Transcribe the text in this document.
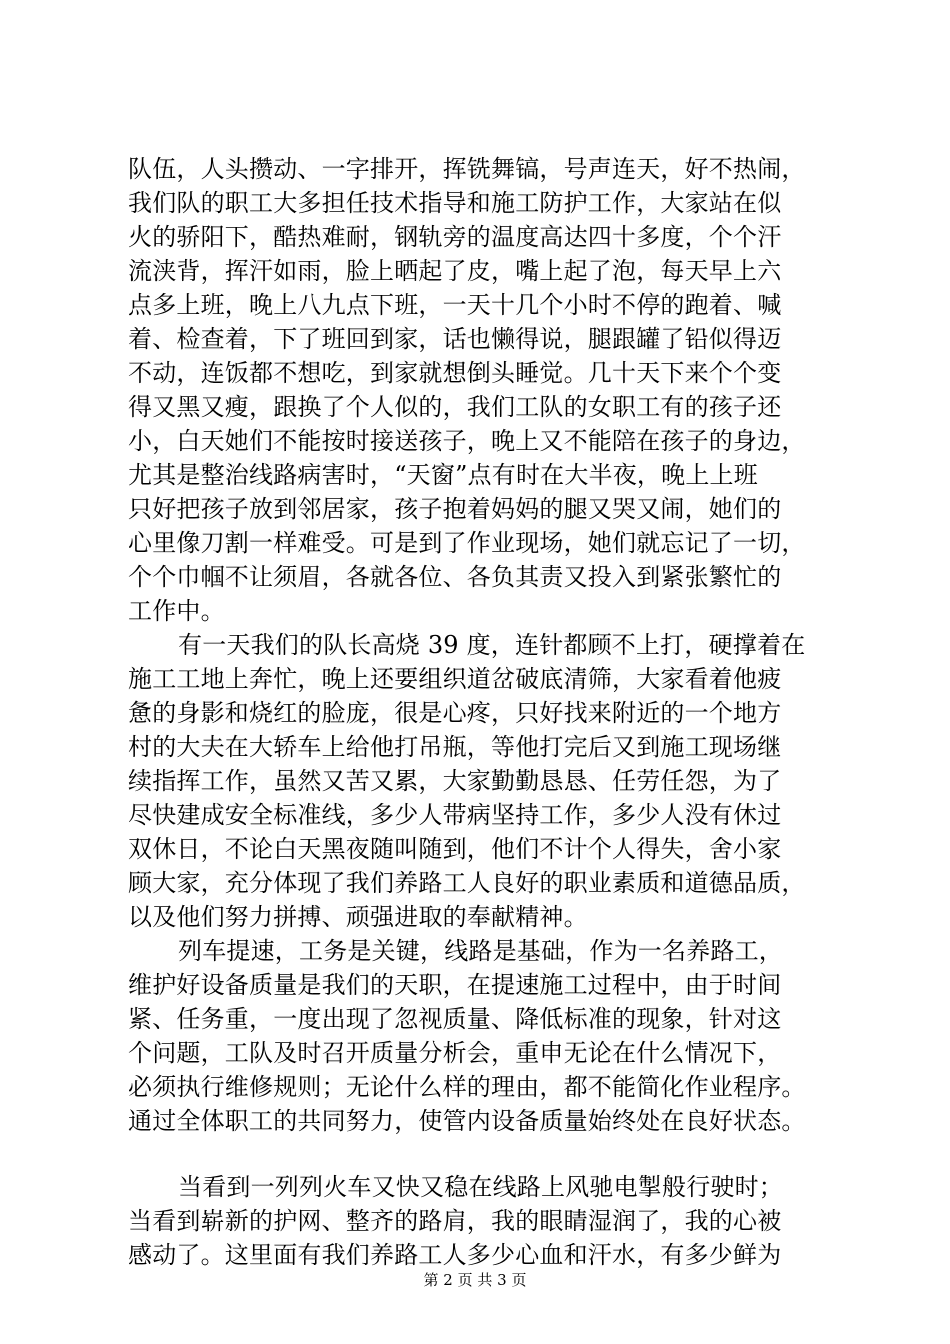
队伍，人头攒动、一字排开，挥铣舞镐，号声连天，好不热闹，
我们队的职工大多担任技术指导和施工防护工作，大家站在似
火的骄阳下，酷热难耐，钢轨旁的温度高达四十多度，个个汗
流浃背，挥汗如雨，脸上晒起了皮，嘴上起了泡，每天早上六
点多上班，晚上八九点下班，一天十几个小时不停的跑着、喊
着、检查着，下了班回到家，话也懒得说，腿跟罐了铅似得迈
不动，连饭都不想吃，到家就想倒头睡觉。几十天下来个个变
得又黑又瘦，跟换了个人似的，我们工队的女职工有的孩子还
小，白天她们不能按时接送孩子，晚上又不能陪在孩子的身边，
尤其是整治线路病害时，“天窗”点有时在大半夜，晚上上班
只好把孩子放到邻居家，孩子抱着妈妈的腿又哭又闹，她们的
心里像刀割一样难受。可是到了作业现场，她们就忘记了一切，
个个巾帼不让须眉，各就各位、各负其责又投入到紧张繁忙的
工作中。
有一天我们的队长高烧 39 度，连针都顾不上打，硬撑着在
施工工地上奔忙，晚上还要组织道岔破底清筛，大家看着他疲
惫的身影和烧红的脸庞，很是心疼，只好找来附近的一个地方
村的大夫在大轿车上给他打吊瓶，等他打完后又到施工现场继
续指挥工作，虽然又苦又累，大家勤勤恳恳、任劳任怨，为了
尽快建成安全标准线，多少人带病坚持工作，多少人没有休过
双休日，不论白天黑夜随叫随到，他们不计个人得失，舍小家
顾大家，充分体现了我们养路工人良好的职业素质和道德品质，
以及他们努力拼搏、顽强进取的奉献精神。
列车提速，工务是关键，线路是基础，作为一名养路工，
维护好设备质量是我们的天职，在提速施工过程中，由于时间
紧、任务重，一度出现了忽视质量、降低标准的现象，针对这
个问题，工队及时召开质量分析会，重申无论在什么情况下，
必须执行维修规则；无论什么样的理由，都不能简化作业程序。
通过全体职工的共同努力，使管内设备质量始终处在良好状态。
当看到一列列火车又快又稳在线路上风驰电掣般行驶时；
当看到崭新的护网、整齐的路肩，我的眼睛湿润了，我的心被
感动了。这里面有我们养路工人多少心血和汗水，有多少鲜为
第 2 页 共 3 页
